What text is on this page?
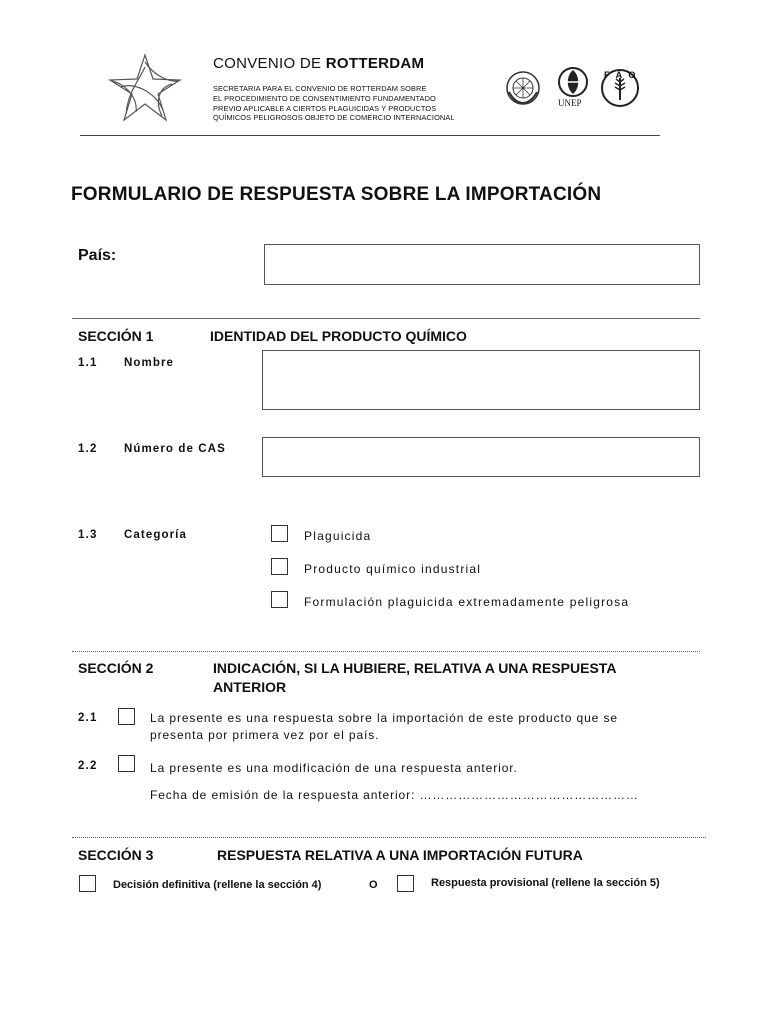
CONVENIO DE ROTTERDAM
SECRETARIA PARA EL CONVENIO DE ROTTERDAM SOBRE
EL PROCEDIMIENTO DE CONSENTIMIENTO FUNDAMENTADO
PREVIO APLICABLE A CIERTOS PLAGUICIDAS Y PRODUCTOS
QUÍMICOS PELIGROSOS OBJETO DE COMERCIO INTERNACIONAL
UNEP
F A O
FORMULARIO DE RESPUESTA SOBRE LA IMPORTACIÓN
País:
SECCIÓN 1	IDENTIDAD DEL PRODUCTO QUÍMICO
1.1 Nombre
1.2 Número de CAS
1.3 Categoría	Plaguicida
Producto químico industrial
Formulación plaguicida extremadamente peligrosa
SECCIÓN 2	INDICACIÓN, SI LA HUBIERE, RELATIVA A UNA RESPUESTA
ANTERIOR
2.1	La presente es una respuesta sobre la importación de este producto que se
presenta por primera vez por el país.
2.2	La presente es una modificación de una respuesta anterior.
Fecha de emisión de la respuesta anterior: ……………………………………………
SECCIÓN 3	RESPUESTA RELATIVA A UNA IMPORTACIÓN FUTURA
Decisión definitiva (rellene la sección 4)	O	Respuesta provisional (rellene la sección 5)
